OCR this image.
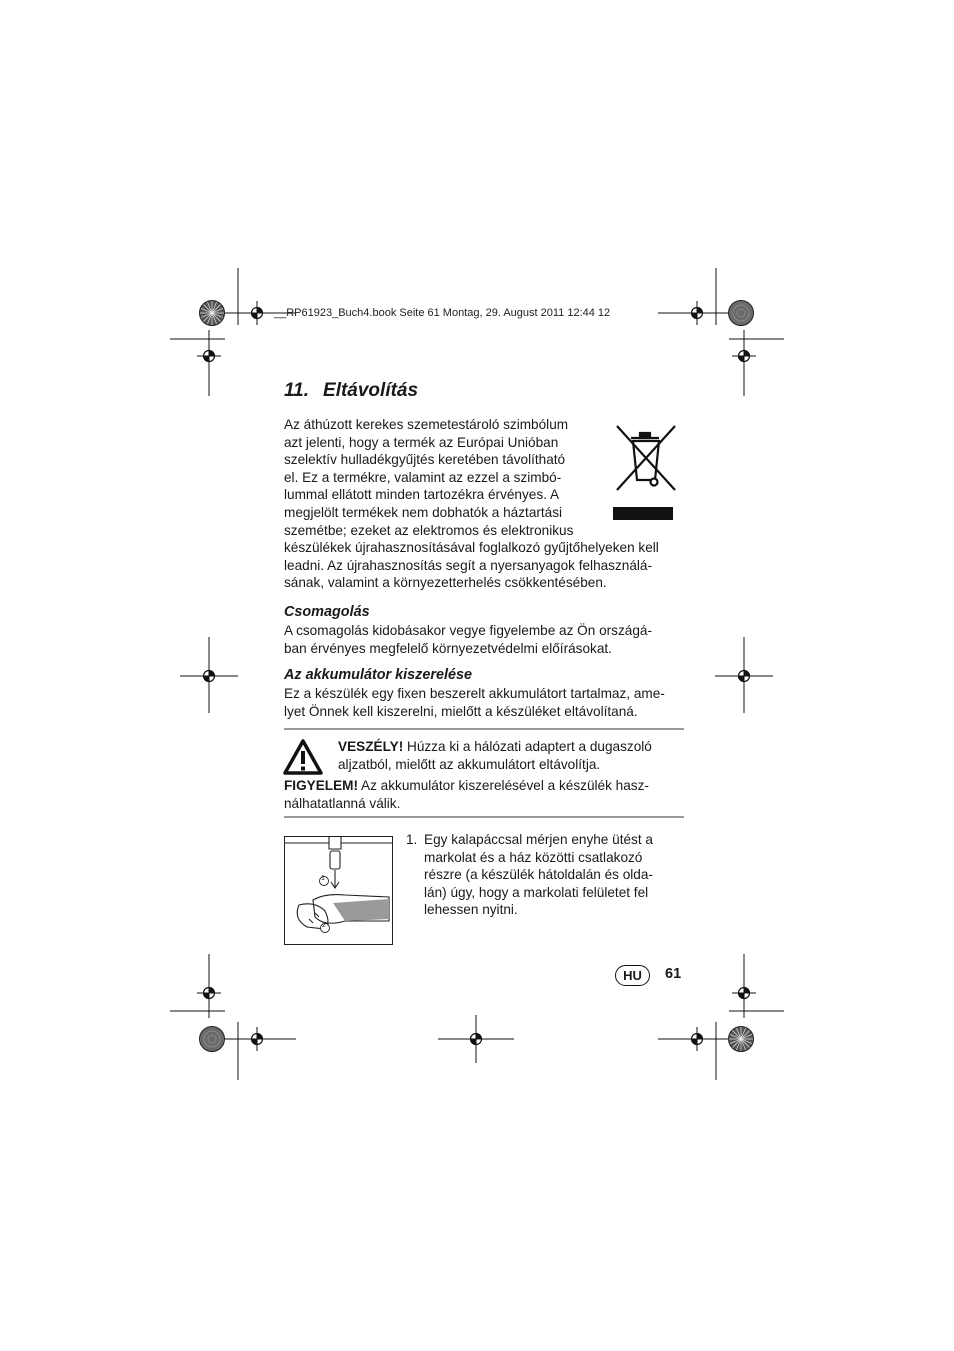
__RP61923_Buch4.book Seite 61 Montag, 29. August 2011 12:44 12
11. Eltávolítás
Az áthúzott kerekes szemetestároló szimbólum
azt jelenti, hogy a termék az Európai Unióban
szelektív hulladékgyűjtés keretében távolítható
el. Ez a termékre, valamint az ezzel a szimbó-
lummal ellátott minden tartozékra érvényes. A
megjelölt termékek nem dobhatók a háztartási
szemétbe; ezeket az elektromos és elektronikus
készülékek újrahasznosításával foglalkozó gyűjtőhelyeken kell
leadni. Az újrahasznosítás segít a nyersanyagok felhasználá-
sának, valamint a környezetterhelés csökkentésében.
Csomagolás
A csomagolás kidobásakor vegye figyelembe az Ön országá-
ban érvényes megfelelő környezetvédelmi előírásokat.
Az akkumulátor kiszerelése
Ez a készülék egy fixen beszerelt akkumulátort tartalmaz, ame-
lyet Önnek kell kiszerelni, mielőtt a készüléket eltávolítaná.
VESZÉLY! Húzza ki a hálózati adaptert a dugaszoló
aljzatból, mielőtt az akkumulátort eltávolítja.
FIGYELEM! Az akkumulátor kiszerelésével a készülék hasz-
nálhatatlanná válik.
1
2
1. Egy kalapáccsal mérjen enyhe ütést a
markolat és a ház közötti csatlakozó
részre (a készülék hátoldalán és olda-
lán) úgy, hogy a markolati felületet fel
lehessen nyitni.
HU	61
